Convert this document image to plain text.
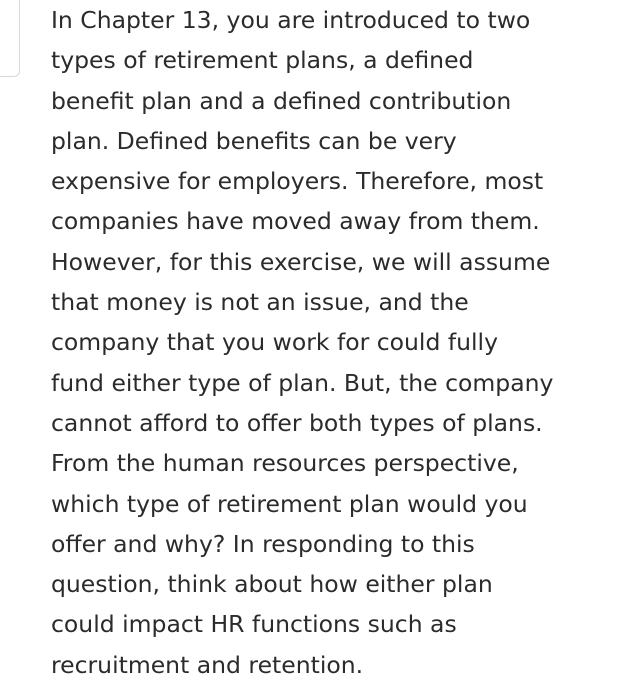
In Chapter 13, you are introduced to two
types of retirement plans, a defined
benefit plan and a defined contribution
plan. Defined benefits can be very
expensive for employers. Therefore, most
companies have moved away from them.
However, for this exercise, we will assume
that money is not an issue, and the
company that you work for could fully
fund either type of plan. But, the company
cannot afford to offer both types of plans.
From the human resources perspective,
which type of retirement plan would you
offer and why? In responding to this
question, think about how either plan
could impact HR functions such as
recruitment and retention.
